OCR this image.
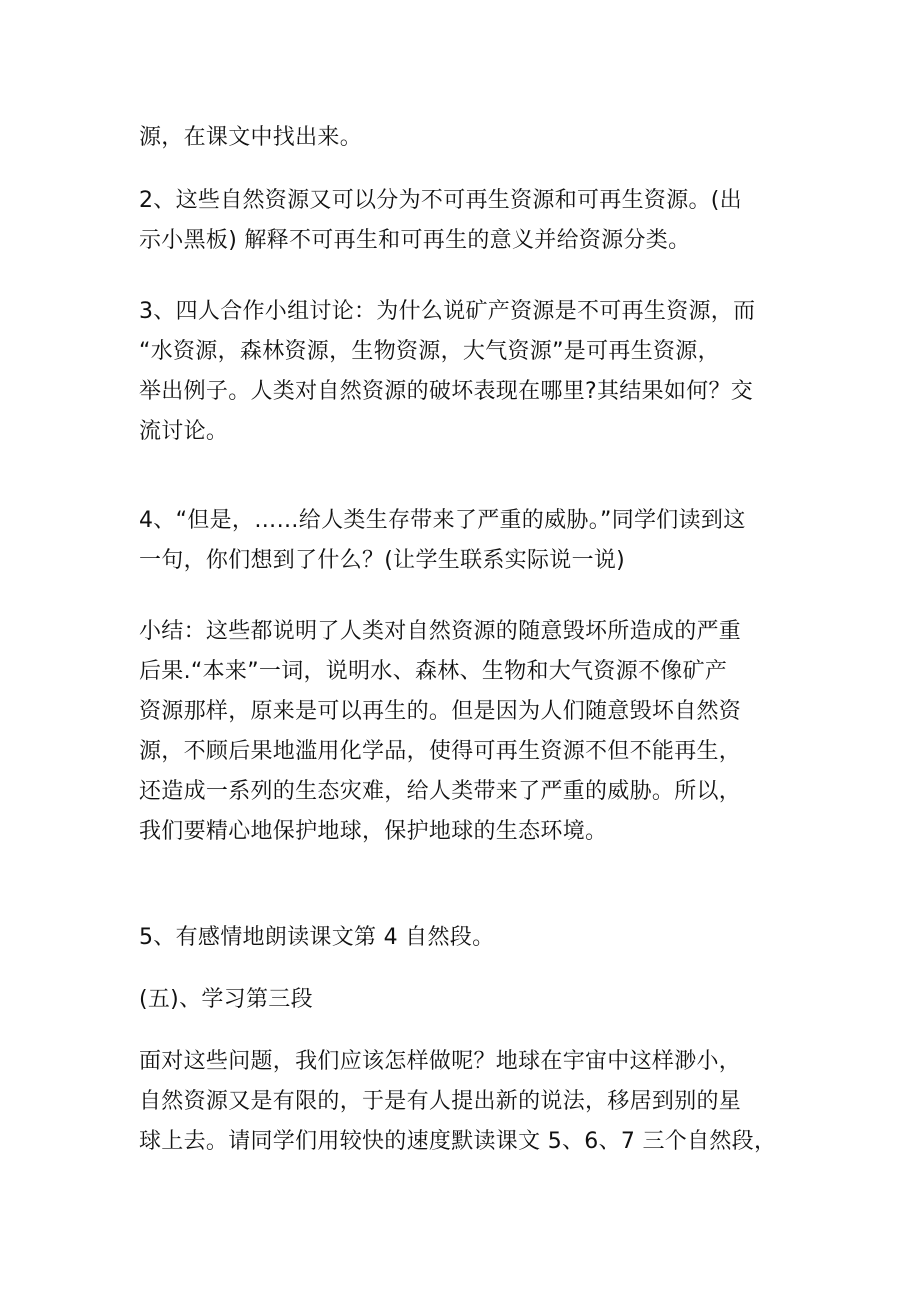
源，在课文中找出来。
2、这些自然资源又可以分为不可再生资源和可再生资源。(出
示小黑板) 解释不可再生和可再生的意义并给资源分类。
3、四人合作小组讨论：为什么说矿产资源是不可再生资源，而
“水资源，森林资源，生物资源，大气资源”是可再生资源，
举出例子。人类对自然资源的破坏表现在哪里?其结果如何？交
流讨论。
4、“但是，……给人类生存带来了严重的威胁。”同学们读到这
一句，你们想到了什么？(让学生联系实际说一说)
小结：这些都说明了人类对自然资源的随意毁坏所造成的严重
后果.“本来”一词，说明水、森林、生物和大气资源不像矿产
资源那样，原来是可以再生的。但是因为人们随意毁坏自然资
源，不顾后果地滥用化学品，使得可再生资源不但不能再生，
还造成一系列的生态灾难，给人类带来了严重的威胁。所以，
我们要精心地保护地球，保护地球的生态环境。
5、有感情地朗读课文第 4 自然段。
(五)、学习第三段
面对这些问题，我们应该怎样做呢？地球在宇宙中这样渺小，
自然资源又是有限的，于是有人提出新的说法，移居到别的星
球上去。请同学们用较快的速度默读课文 5、6、7 三个自然段，
